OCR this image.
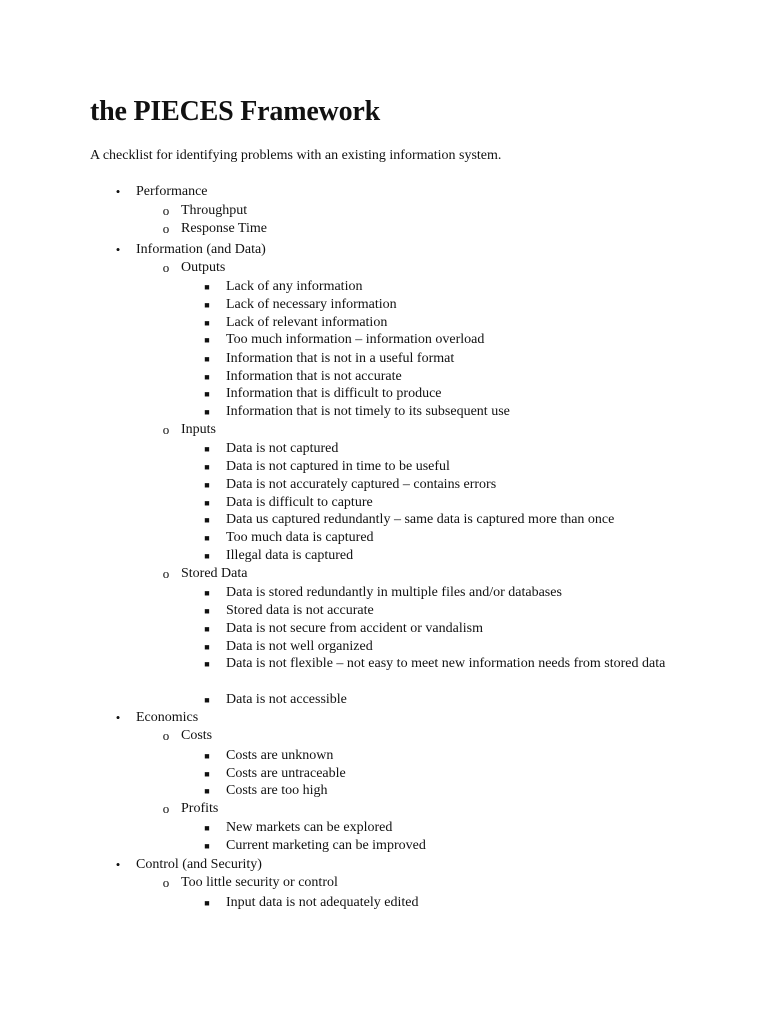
the PIECES Framework

A checklist for identifying problems with an existing information system.

•	Performance
o Throughput
o Response Time
•	Information (and Data)
o Outputs
■	Lack of any information
■	Lack of necessary information
■	Lack of relevant information
■	Too much information – information overload
■	Information that is not in a useful format
■	Information that is not accurate
■	Information that is difficult to produce
■	Information that is not timely to its subsequent use
o Inputs
■	Data is not captured
■	Data is not captured in time to be useful
■	Data is not accurately captured – contains errors
■	Data is difficult to capture
■	Data us captured redundantly – same data is captured more than once
■	Too much data is captured
■	Illegal data is captured
o Stored Data
■	Data is stored redundantly in multiple files and/or databases
■	Stored data is not accurate
■	Data is not secure from accident or vandalism
■	Data is not well organized
■	Data is not flexible – not easy to meet new information needs from stored data
■	Data is not accessible
•	Economics
o Costs
■	Costs are unknown
■	Costs are untraceable
■	Costs are too high
o Profits
■	New markets can be explored
■	Current marketing can be improved
•	Control (and Security)
o Too little security or control
■	Input data is not adequately edited
